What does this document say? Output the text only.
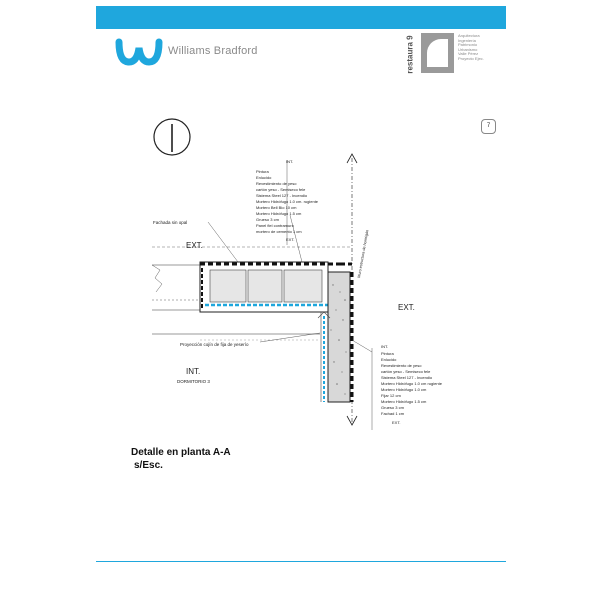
Williams Bradford	restaura 9	Arquitectura
Ingeniería
Patrimonio
Urbanismo
Valle Pérez
Proyecto Ejec.
7
EXT.
EXT.
INT.
DORMITORIO 3
Fachada sin opal
Proyección cojín de fija de yeserío
Muro estructura de hormigón
INT.
Pintura
Enlucido
Revestimiento de yeso
cartón yeso - Semiseco fele
Sistema Steel 127 - Incendio
Mortero Hidrófugo 1.0 cm. rugiente
Mortero Bell Bio 10 cm
Mortero Hidrófugo 1.5 cm
Grueso 3 cm
Panel fiel contramuro
mortero de cemento 1 cm
EXT.
INT.
Pintura
Enlucido
Revestimiento de yeso
cartón yeso - Semiseco fele
Sistema Steel 127 - Incendio
Mortero Hidrófugo 1.0 cm rugiente
Mortero Hidrófugo 1.0 cm
Fijar 12 cm
Mortero Hidrófugo 1.5 cm
Grueso 3 cm
Fachad 1 cm
EXT.
Detalle en planta A-A
s/Esc.
